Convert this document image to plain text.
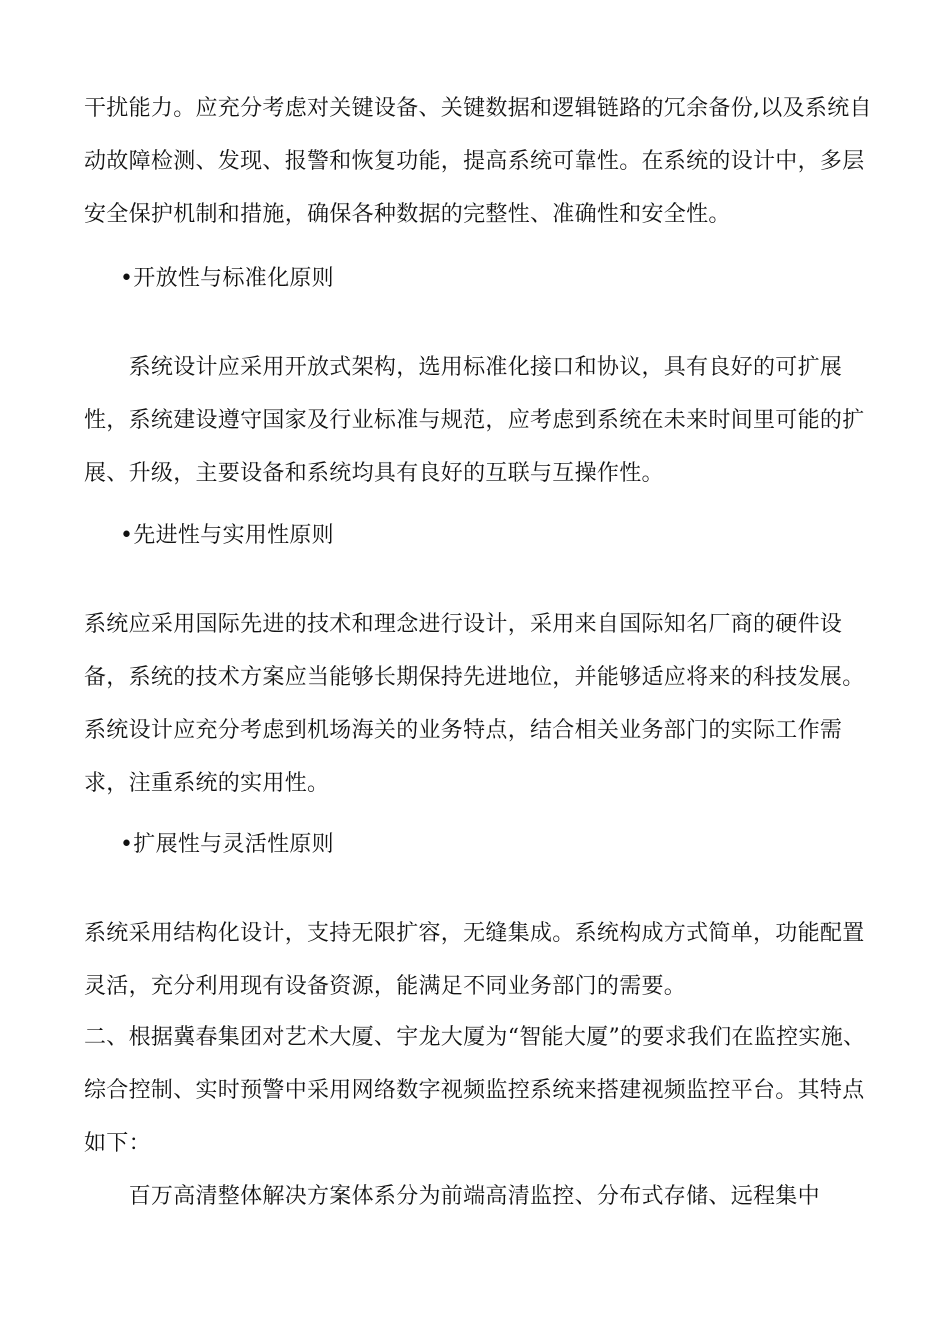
干扰能力。应充分考虑对关键设备、关键数据和逻辑链路的冗余备份,以及系统自动故障检测、发现、报警和恢复功能，提高系统可靠性。在系统的设计中，多层安全保护机制和措施，确保各种数据的完整性、准确性和安全性。

•开放性与标准化原则

　　系统设计应采用开放式架构，选用标准化接口和协议，具有良好的可扩展性，系统建设遵守国家及行业标准与规范，应考虑到系统在未来时间里可能的扩展、升级，主要设备和系统均具有良好的互联与互操作性。

•先进性与实用性原则

系统应采用国际先进的技术和理念进行设计，采用来自国际知名厂商的硬件设备，系统的技术方案应当能够长期保持先进地位，并能够适应将来的科技发展。系统设计应充分考虑到机场海关的业务特点，结合相关业务部门的实际工作需求，注重系统的实用性。

•扩展性与灵活性原则

系统采用结构化设计，支持无限扩容，无缝集成。系统构成方式简单，功能配置灵活，充分利用现有设备资源，能满足不同业务部门的需要。

二、根据冀春集团对艺术大厦、宇龙大厦为“智能大厦”的要求我们在监控实施、综合控制、实时预警中采用网络数字视频监控系统来搭建视频监控平台。其特点如下：

　　百万高清整体解决方案体系分为前端高清监控、分布式存储、远程集中
